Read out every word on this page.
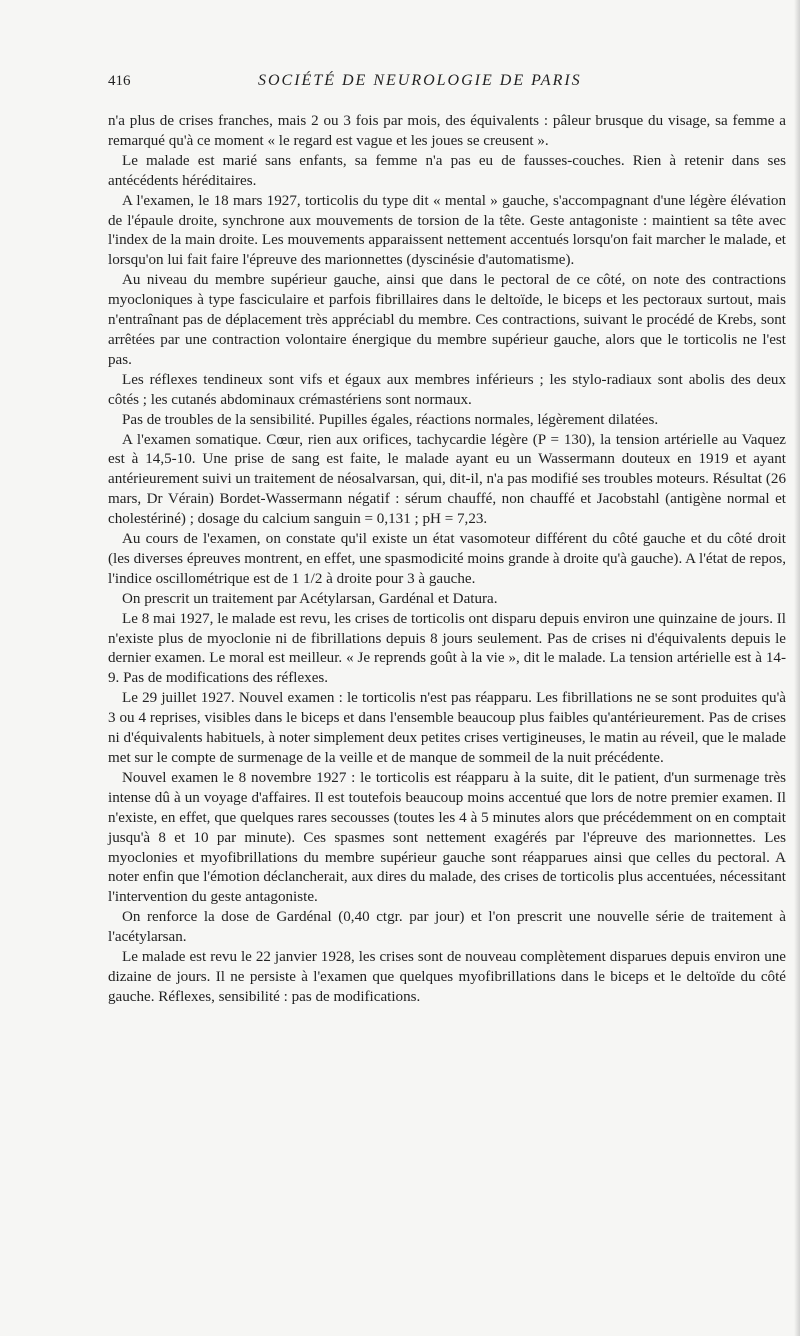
416	SOCIÉTÉ DE NEUROLOGIE DE PARIS

n'a plus de crises franches, mais 2 ou 3 fois par mois, des équivalents : pâleur brusque du visage, sa femme a remarqué qu'à ce moment « le regard est vague et les joues se creusent ».

Le malade est marié sans enfants, sa femme n'a pas eu de fausses-couches. Rien à retenir dans ses antécédents héréditaires.

A l'examen, le 18 mars 1927, torticolis du type dit « mental » gauche, s'accompagnant d'une légère élévation de l'épaule droite, synchrone aux mouvements de torsion de la tête. Geste antagoniste : maintient sa tête avec l'index de la main droite. Les mouvements apparaissent nettement accentués lorsqu'on fait marcher le malade, et lorsqu'on lui fait faire l'épreuve des marionnettes (dyscinésie d'automatisme).

Au niveau du membre supérieur gauche, ainsi que dans le pectoral de ce côté, on note des contractions myocloniques à type fasciculaire et parfois fibrillaires dans le deltoïde, le biceps et les pectoraux surtout, mais n'entraînant pas de déplacement très appréciabl du membre. Ces contractions, suivant le procédé de Krebs, sont arrêtées par une contraction volontaire énergique du membre supérieur gauche, alors que le torticolis ne l'est pas.

Les réflexes tendineux sont vifs et égaux aux membres inférieurs ; les stylo-radiaux sont abolis des deux côtés ; les cutanés abdominaux crémastériens sont normaux.

Pas de troubles de la sensibilité. Pupilles égales, réactions normales, légèrement dilatées.

A l'examen somatique. Cœur, rien aux orifices, tachycardie légère (P = 130), la tension artérielle au Vaquez est à 14,5-10. Une prise de sang est faite, le malade ayant eu un Wassermann douteux en 1919 et ayant antérieurement suivi un traitement de néosalvarsan, qui, dit-il, n'a pas modifié ses troubles moteurs. Résultat (26 mars, Dr Vérain) Bordet-Wassermann négatif : sérum chauffé, non chauffé et Jacobstahl (antigène normal et cholestériné) ; dosage du calcium sanguin = 0,131 ; pH = 7,23.

Au cours de l'examen, on constate qu'il existe un état vasomoteur différent du côté gauche et du côté droit (les diverses épreuves montrent, en effet, une spasmodicité moins grande à droite qu'à gauche). A l'état de repos, l'indice oscillométrique est de 1 1/2 à droite pour 3 à gauche.

On prescrit un traitement par Acétylarsan, Gardénal et Datura.

Le 8 mai 1927, le malade est revu, les crises de torticolis ont disparu depuis environ une quinzaine de jours. Il n'existe plus de myoclonie ni de fibrillations depuis 8 jours seulement. Pas de crises ni d'équivalents depuis le dernier examen. Le moral est meilleur. « Je reprends goût à la vie », dit le malade. La tension artérielle est à 14-9. Pas de modifications des réflexes.

Le 29 juillet 1927. Nouvel examen : le torticolis n'est pas réapparu. Les fibrillations ne se sont produites qu'à 3 ou 4 reprises, visibles dans le biceps et dans l'ensemble beaucoup plus faibles qu'antérieurement. Pas de crises ni d'équivalents habituels, à noter simplement deux petites crises vertigineuses, le matin au réveil, que le malade met sur le compte de surmenage de la veille et de manque de sommeil de la nuit précédente.

Nouvel examen le 8 novembre 1927 : le torticolis est réapparu à la suite, dit le patient, d'un surmenage très intense dû à un voyage d'affaires. Il est toutefois beaucoup moins accentué que lors de notre premier examen. Il n'existe, en effet, que quelques rares secousses (toutes les 4 à 5 minutes alors que précédemment on en comptait jusqu'à 8 et 10 par minute). Ces spasmes sont nettement exagérés par l'épreuve des marionnettes. Les myoclonies et myofibrillations du membre supérieur gauche sont réapparues ainsi que celles du pectoral. A noter enfin que l'émotion déclancherait, aux dires du malade, des crises de torticolis plus accentuées, nécessitant l'intervention du geste antagoniste.

On renforce la dose de Gardénal (0,40 ctgr. par jour) et l'on prescrit une nouvelle série de traitement à l'acétylarsan.

Le malade est revu le 22 janvier 1928, les crises sont de nouveau complètement disparues depuis environ une dizaine de jours. Il ne persiste à l'examen que quelques myofibrillations dans le biceps et le deltoïde du côté gauche. Réflexes, sensibilité : pas de modifications.
